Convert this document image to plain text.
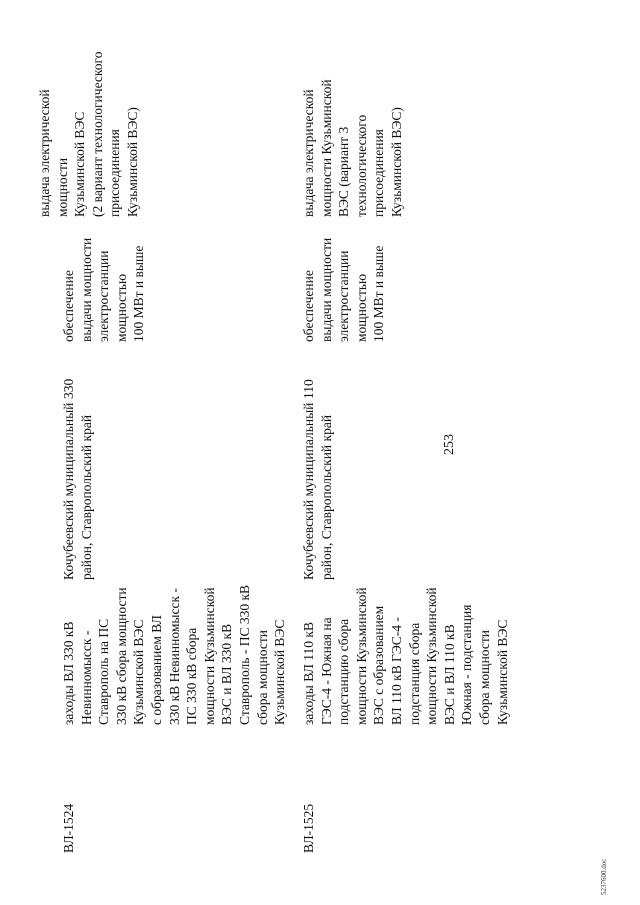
253

ВЛ-1524

заходы ВЛ 330 кВ
Невинномысск -
Ставрополь на ПС
330 кВ сбора мощности
Кузьминской ВЭС
с образованием ВЛ
330 кВ Невинномысск -
ПС 330 кВ сбора
мощности Кузьминской
ВЭС и ВЛ 330 кВ
Ставрополь - ПС 330 кВ
сбора мощности
Кузьминской ВЭС

Кочубеевский муниципальный
район, Ставропольский край

330

обеспечение
выдачи мощности
электростанции
мощностью
100 МВт и выше

выдача электрической
мощности
Кузьминской ВЭС
(2 вариант технологического
присоединения
Кузьминской ВЭС)

ВЛ-1525

заходы ВЛ 110 кВ
ГЭС-4 - Южная на
подстанцию сбора
мощности Кузьминской
ВЭС с образованием
ВЛ 110 кВ ГЭС-4 -
подстанция сбора
мощности Кузьминской
ВЭС и ВЛ 110 кВ
Южная - подстанция
сбора мощности
Кузьминской ВЭС

Кочубеевский муниципальный
район, Ставропольский край

110

обеспечение
выдачи мощности
электростанции
мощностью
100 МВт и выше

выдача электрической
мощности Кузьминской
ВЭС (вариант 3
технологического
присоединения
Кузьминской ВЭС)

5237600.doc
